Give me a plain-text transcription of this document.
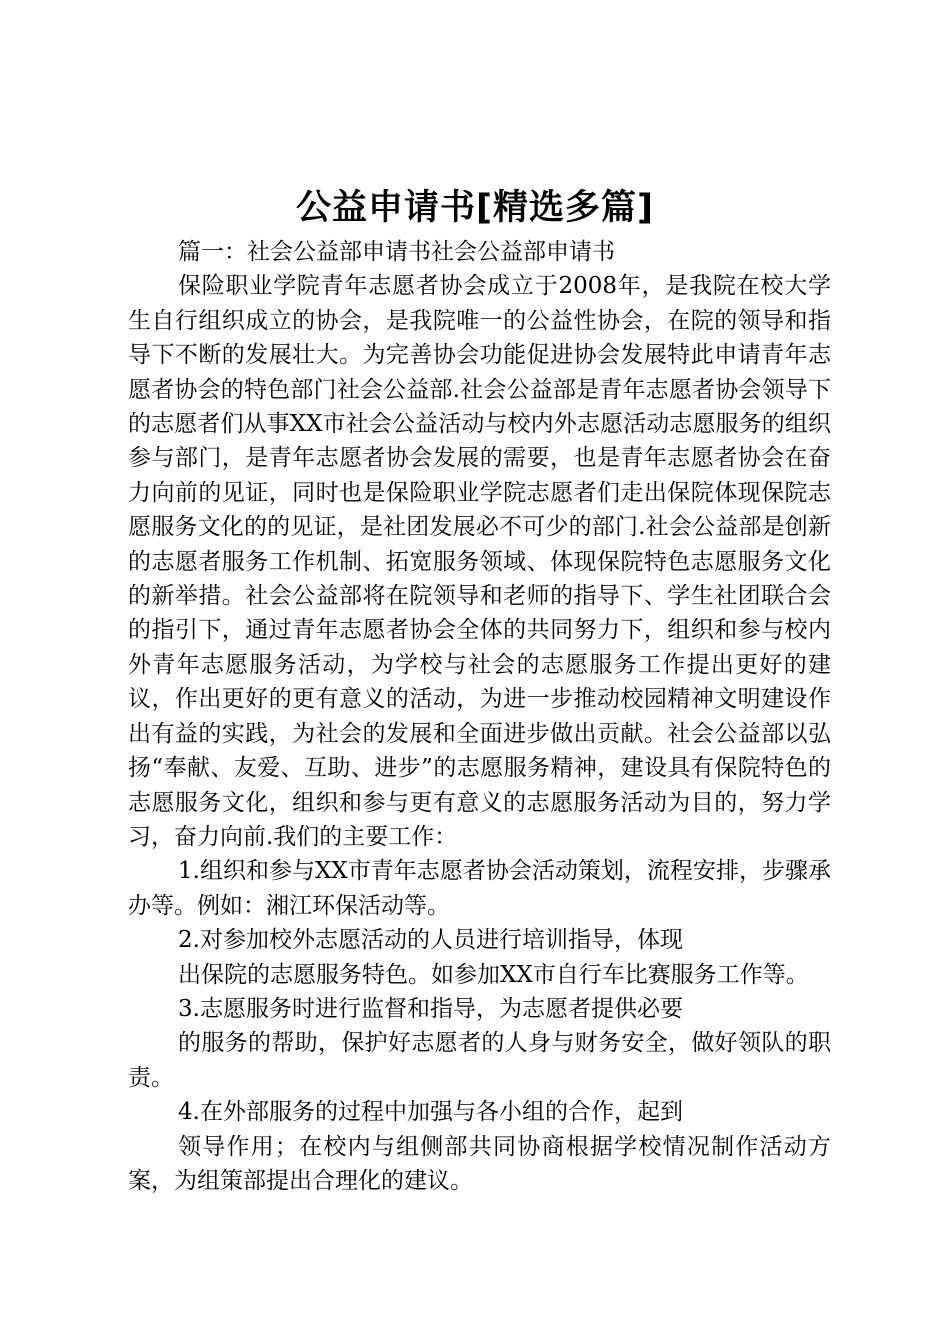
公益申请书[精选多篇]

篇一：社会公益部申请书社会公益部申请书

保险职业学院青年志愿者协会成立于2008年，是我院在校大学生自行组织成立的协会，是我院唯一的公益性协会，在院的领导和指导下不断的发展壮大。为完善协会功能促进协会发展特此申请青年志愿者协会的特色部门社会公益部.社会公益部是青年志愿者协会领导下的志愿者们从事XX市社会公益活动与校内外志愿活动志愿服务的组织参与部门，是青年志愿者协会发展的需要，也是青年志愿者协会在奋力向前的见证，同时也是保险职业学院志愿者们走出保院体现保院志愿服务文化的的见证，是社团发展必不可少的部门.社会公益部是创新的志愿者服务工作机制、拓宽服务领域、体现保院特色志愿服务文化的新举措。社会公益部将在院领导和老师的指导下、学生社团联合会的指引下，通过青年志愿者协会全体的共同努力下，组织和参与校内外青年志愿服务活动，为学校与社会的志愿服务工作提出更好的建议，作出更好的更有意义的活动，为进一步推动校园精神文明建设作出有益的实践，为社会的发展和全面进步做出贡献。社会公益部以弘扬“奉献、友爱、互助、进步”的志愿服务精神，建设具有保院特色的志愿服务文化，组织和参与更有意义的志愿服务活动为目的，努力学习，奋力向前.我们的主要工作：

1.组织和参与XX市青年志愿者协会活动策划，流程安排，步骤承办等。例如：湘江环保活动等。

2.对参加校外志愿活动的人员进行培训指导，体现

出保院的志愿服务特色。如参加XX市自行车比赛服务工作等。

3.志愿服务时进行监督和指导，为志愿者提供必要

的服务的帮助，保护好志愿者的人身与财务安全，做好领队的职责。

4.在外部服务的过程中加强与各小组的合作，起到

领导作用；在校内与组侧部共同协商根据学校情况制作活动方案，为组策部提出合理化的建议。
